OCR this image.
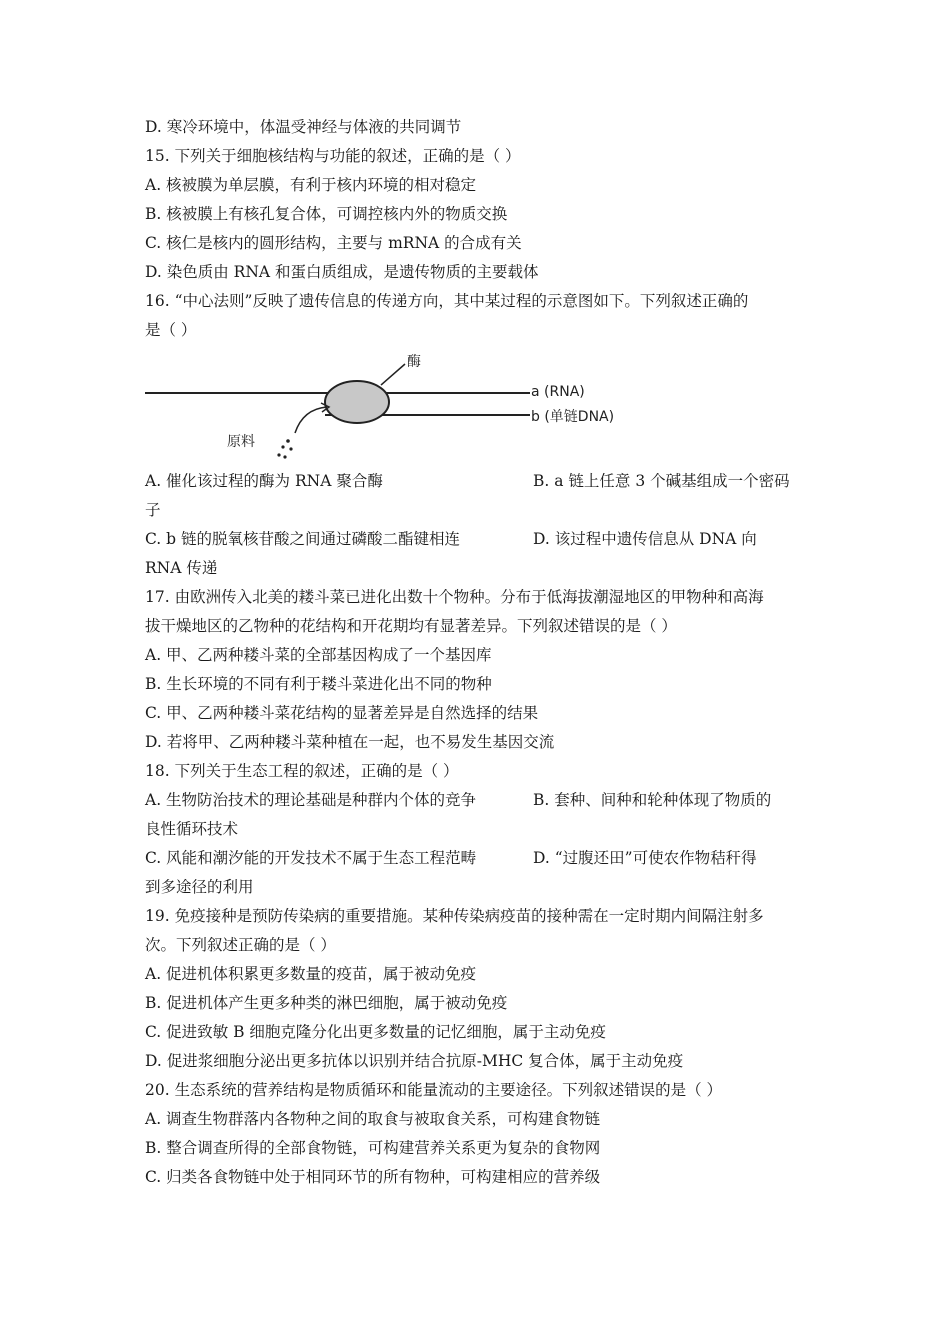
D. 寒冷环境中，体温受神经与体液的共同调节
15. 下列关于细胞核结构与功能的叙述，正确的是（ ）
A. 核被膜为单层膜，有利于核内环境的相对稳定
B. 核被膜上有核孔复合体，可调控核内外的物质交换
C. 核仁是核内的圆形结构，主要与 mRNA 的合成有关
D. 染色质由 RNA 和蛋白质组成，是遗传物质的主要载体
16. “中心法则”反映了遗传信息的传递方向，其中某过程的示意图如下。下列叙述正确的
是（ ）
酶
a (RNA)
b (单链DNA)
原料
A. 催化该过程的酶为 RNA 聚合酶	B. a 链上任意 3 个碱基组成一个密码
子
C. b 链的脱氧核苷酸之间通过磷酸二酯键相连	D. 该过程中遗传信息从 DNA 向
RNA 传递
17. 由欧洲传入北美的耧斗菜已进化出数十个物种。分布于低海拔潮湿地区的甲物种和高海
拔干燥地区的乙物种的花结构和开花期均有显著差异。下列叙述错误的是（ ）
A. 甲、乙两种耧斗菜的全部基因构成了一个基因库
B. 生长环境的不同有利于耧斗菜进化出不同的物种
C. 甲、乙两种耧斗菜花结构的显著差异是自然选择的结果
D. 若将甲、乙两种耧斗菜种植在一起，也不易发生基因交流
18. 下列关于生态工程的叙述，正确的是（ ）
A. 生物防治技术的理论基础是种群内个体的竞争	B. 套种、间种和轮种体现了物质的
良性循环技术
C. 风能和潮汐能的开发技术不属于生态工程范畴	D. “过腹还田”可使农作物秸秆得
到多途径的利用
19. 免疫接种是预防传染病的重要措施。某种传染病疫苗的接种需在一定时期内间隔注射多
次。下列叙述正确的是（ ）
A. 促进机体积累更多数量的疫苗，属于被动免疫
B. 促进机体产生更多种类的淋巴细胞，属于被动免疫
C. 促进致敏 B 细胞克隆分化出更多数量的记忆细胞，属于主动免疫
D. 促进浆细胞分泌出更多抗体以识别并结合抗原-MHC 复合体，属于主动免疫
20. 生态系统的营养结构是物质循环和能量流动的主要途径。下列叙述错误的是（ ）
A. 调查生物群落内各物种之间的取食与被取食关系，可构建食物链
B. 整合调查所得的全部食物链，可构建营养关系更为复杂的食物网
C. 归类各食物链中处于相同环节的所有物种，可构建相应的营养级
